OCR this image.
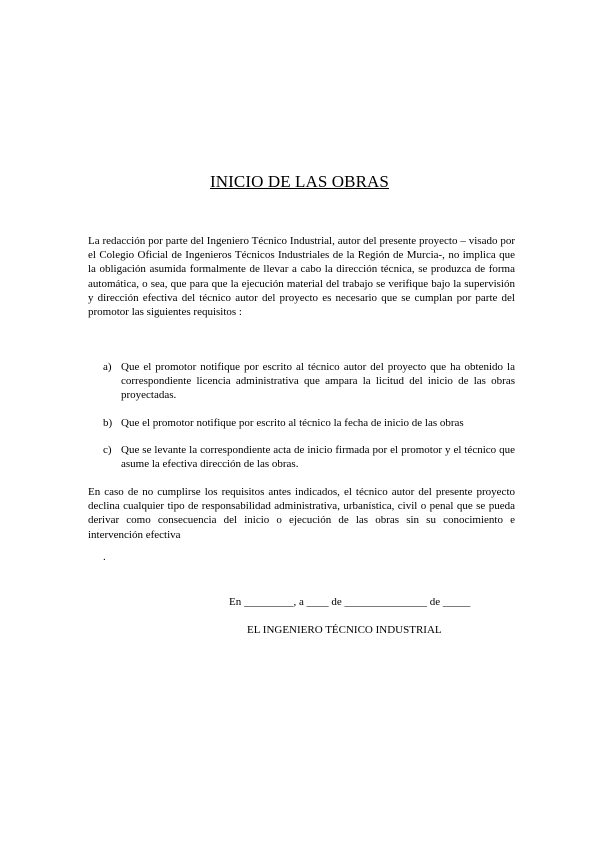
INICIO DE LAS OBRAS
La redacción por parte del Ingeniero Técnico Industrial, autor del presente proyecto – visado por el Colegio Oficial de Ingenieros Técnicos Industriales de la Región de Murcia-, no implica que la obligación asumida formalmente de llevar a cabo la dirección técnica, se produzca de forma automática, o sea, que para que la ejecución material del trabajo se verifique bajo la supervisión y dirección efectiva del técnico autor del proyecto es necesario que se cumplan por parte del promotor las siguientes requisitos :
a) Que el promotor notifique por escrito al técnico autor del proyecto que ha obtenido la correspondiente licencia administrativa que ampara la licitud del inicio de las obras proyectadas.
b) Que el promotor notifique por escrito al técnico la fecha de inicio de las obras
c) Que se levante la correspondiente acta de inicio firmada por el promotor y el técnico que asume la efectiva dirección de las obras.
En caso de no cumplirse los requisitos antes indicados, el técnico autor del presente proyecto declina cualquier tipo de responsabilidad administrativa, urbanística, civil o penal que se pueda derivar como consecuencia del inicio o ejecución de las obras sin su conocimiento e intervención efectiva
.
En _________, a ____ de _______________ de _____
EL INGENIERO TÉCNICO INDUSTRIAL
